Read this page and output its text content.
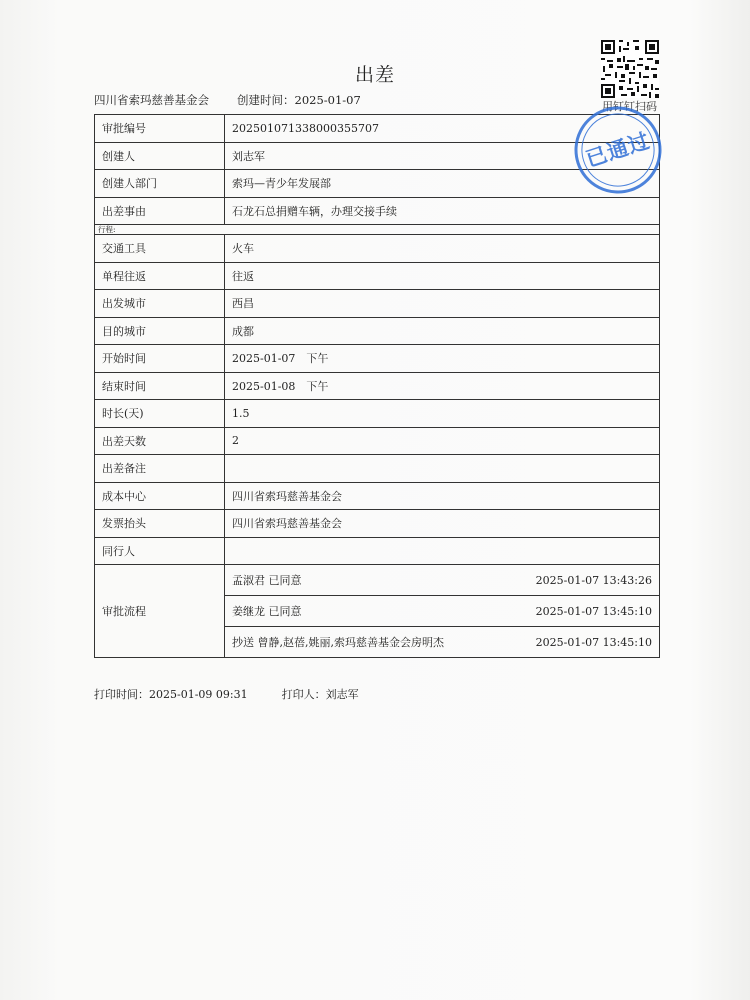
出差
四川省索玛慈善基金会 创建时间：2025-01-07	用钉钉扫码
审批编号	202501071338000355707
创建人	刘志军
创建人部门	索玛—青少年发展部
出差事由	石龙石总捐赠车辆，办理交接手续
行程:	
交通工具	火车
单程往返	往返
出发城市	西昌
目的城市	成都
开始时间	2025-01-07　下午
结束时间	2025-01-08　下午
时长(天)	1.5
出差天数	2
出差备注	
成本中心	四川省索玛慈善基金会
发票抬头	四川省索玛慈善基金会
同行人	
审批流程	孟淑君 已同意 2025-01-07 13:43:26

	姜继龙 已同意 2025-01-07 13:45:10

	抄送 曾静,赵蓓,姚丽,索玛慈善基金会房明杰 2025-01-07 13:45:10
已通过
打印时间：2025-01-09 09:31	打印人：刘志军
